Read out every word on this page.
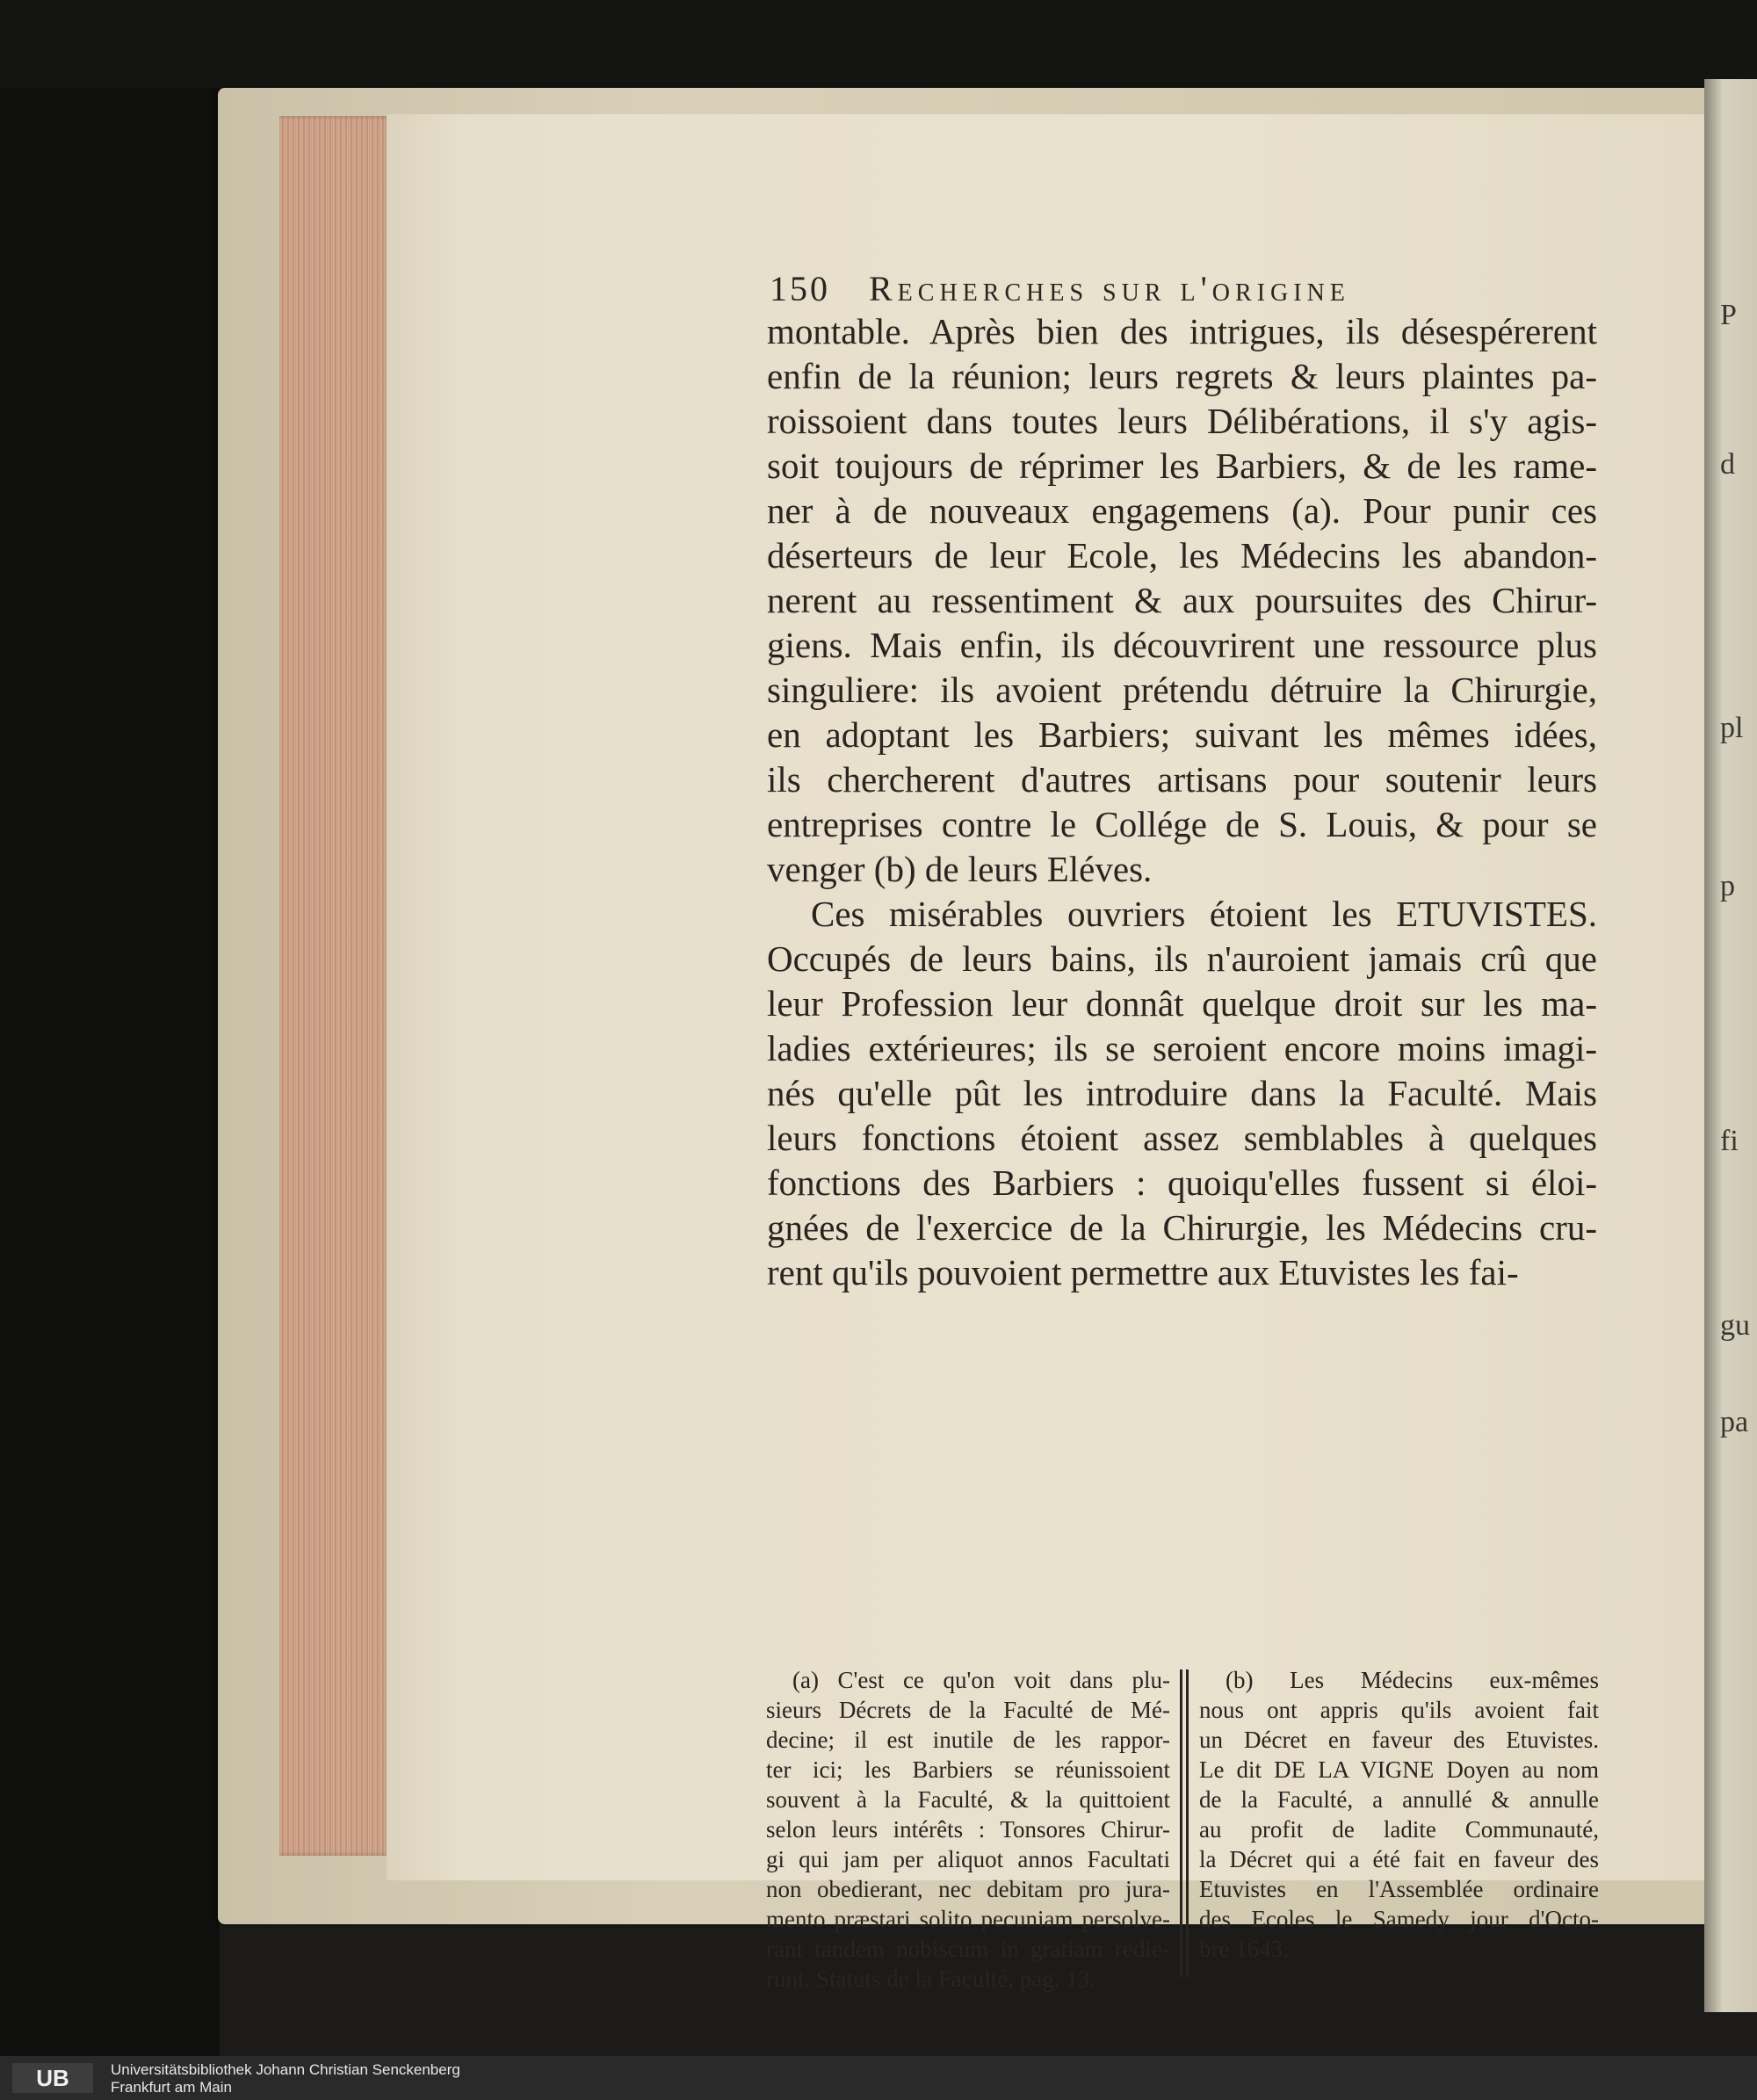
P
d
pl
p
fi
gu
pa
150 Recherches sur l'origine
montable. Après bien des intrigues, ils désespérerent
enfin de la réunion; leurs regrets & leurs plaintes pa-
roissoient dans toutes leurs Délibérations, il s'y agis-
soit toujours de réprimer les Barbiers, & de les rame-
ner à de nouveaux engagemens (a). Pour punir ces
déserteurs de leur Ecole, les Médecins les abandon-
nerent au ressentiment & aux poursuites des Chirur-
giens. Mais enfin, ils découvrirent une ressource plus
singuliere: ils avoient prétendu détruire la Chirurgie,
en adoptant les Barbiers; suivant les mêmes idées,
ils chercherent d'autres artisans pour soutenir leurs
entreprises contre le Collége de S. Louis, & pour se
venger (b) de leurs Eléves.
Ces misérables ouvriers étoient les ETUVISTES.
Occupés de leurs bains, ils n'auroient jamais crû que
leur Profession leur donnât quelque droit sur les ma-
ladies extérieures; ils se seroient encore moins imagi-
nés qu'elle pût les introduire dans la Faculté. Mais
leurs fonctions étoient assez semblables à quelques
fonctions des Barbiers : quoiqu'elles fussent si éloi-
gnées de l'exercice de la Chirurgie, les Médecins cru-
rent qu'ils pouvoient permettre aux Etuvistes les fai-
(a) C'est ce qu'on voit dans plu-
sieurs Décrets de la Faculté de Mé-
decine; il est inutile de les rappor-
ter ici; les Barbiers se réunissoient
souvent à la Faculté, & la quittoient
selon leurs intérêts : Tonsores Chirur-
gi qui jam per aliquot annos Facultati
non obedierant, nec debitam pro jura-
mento præstari solito pecuniam persolve-
rant tandem nobiscum in gratiam redie-
runt. Statuts de la Faculté, pag. 13.
(b) Les Médecins eux-mêmes
nous ont appris qu'ils avoient fait
un Décret en faveur des Etuvistes.
Le dit DE LA VIGNE Doyen au nom
de la Faculté, a annullé & annulle
au profit de ladite Communauté,
la Décret qui a été fait en faveur des
Etuvistes en l'Assemblée ordinaire
des Ecoles le Samedy jour d'Octo-
bre 1643.
UB	Universitätsbibliothek Johann Christian Senckenberg
Frankfurt am Main
